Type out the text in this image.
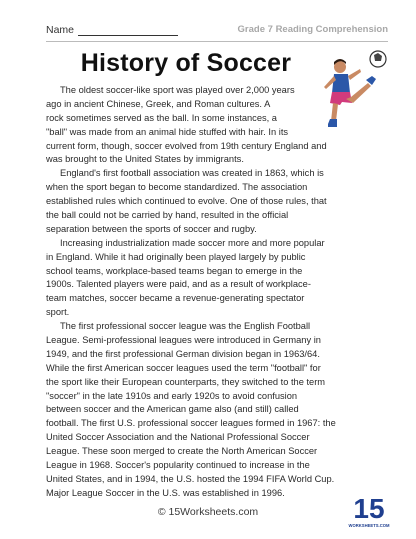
Name	Grade 7 Reading Comprehension
History of Soccer
The oldest soccer-like sport was played over 2,000 years
ago in ancient Chinese, Greek, and Roman cultures. A
rock sometimes served as the ball. In some instances, a
"ball" was made from an animal hide stuffed with hair. In its
current form, though, soccer evolved from 19th century England and
was brought to the United States by immigrants.
England's first football association was created in 1863, which is
when the sport began to become standardized. The association
established rules which continued to evolve. One of those rules, that
the ball could not be carried by hand, resulted in the official
separation between the sports of soccer and rugby.
Increasing industrialization made soccer more and more popular
in England. While it had originally been played largely by public
school teams, workplace-based teams began to emerge in the
1900s. Talented players were paid, and as a result of workplace-
team matches, soccer became a revenue-generating spectator
sport.
The first professional soccer league was the English Football
League. Semi-professional leagues were introduced in Germany in
1949, and the first professional German division began in 1963/64.
While the first American soccer leagues used the term "football" for
the sport like their European counterparts, they switched to the term
"soccer" in the late 1910s and early 1920s to avoid confusion
between soccer and the American game also (and still) called
football. The first U.S. professional soccer leagues formed in 1967: the
United Soccer Association and the National Professional Soccer
League. These soon merged to create the North American Soccer
League in 1968. Soccer's popularity continued to increase in the
United States, and in 1994, the U.S. hosted the 1994 FIFA World Cup.
Major League Soccer in the U.S. was established in 1996.
© 15Worksheets.com	15
WORKSHEETS.COM
